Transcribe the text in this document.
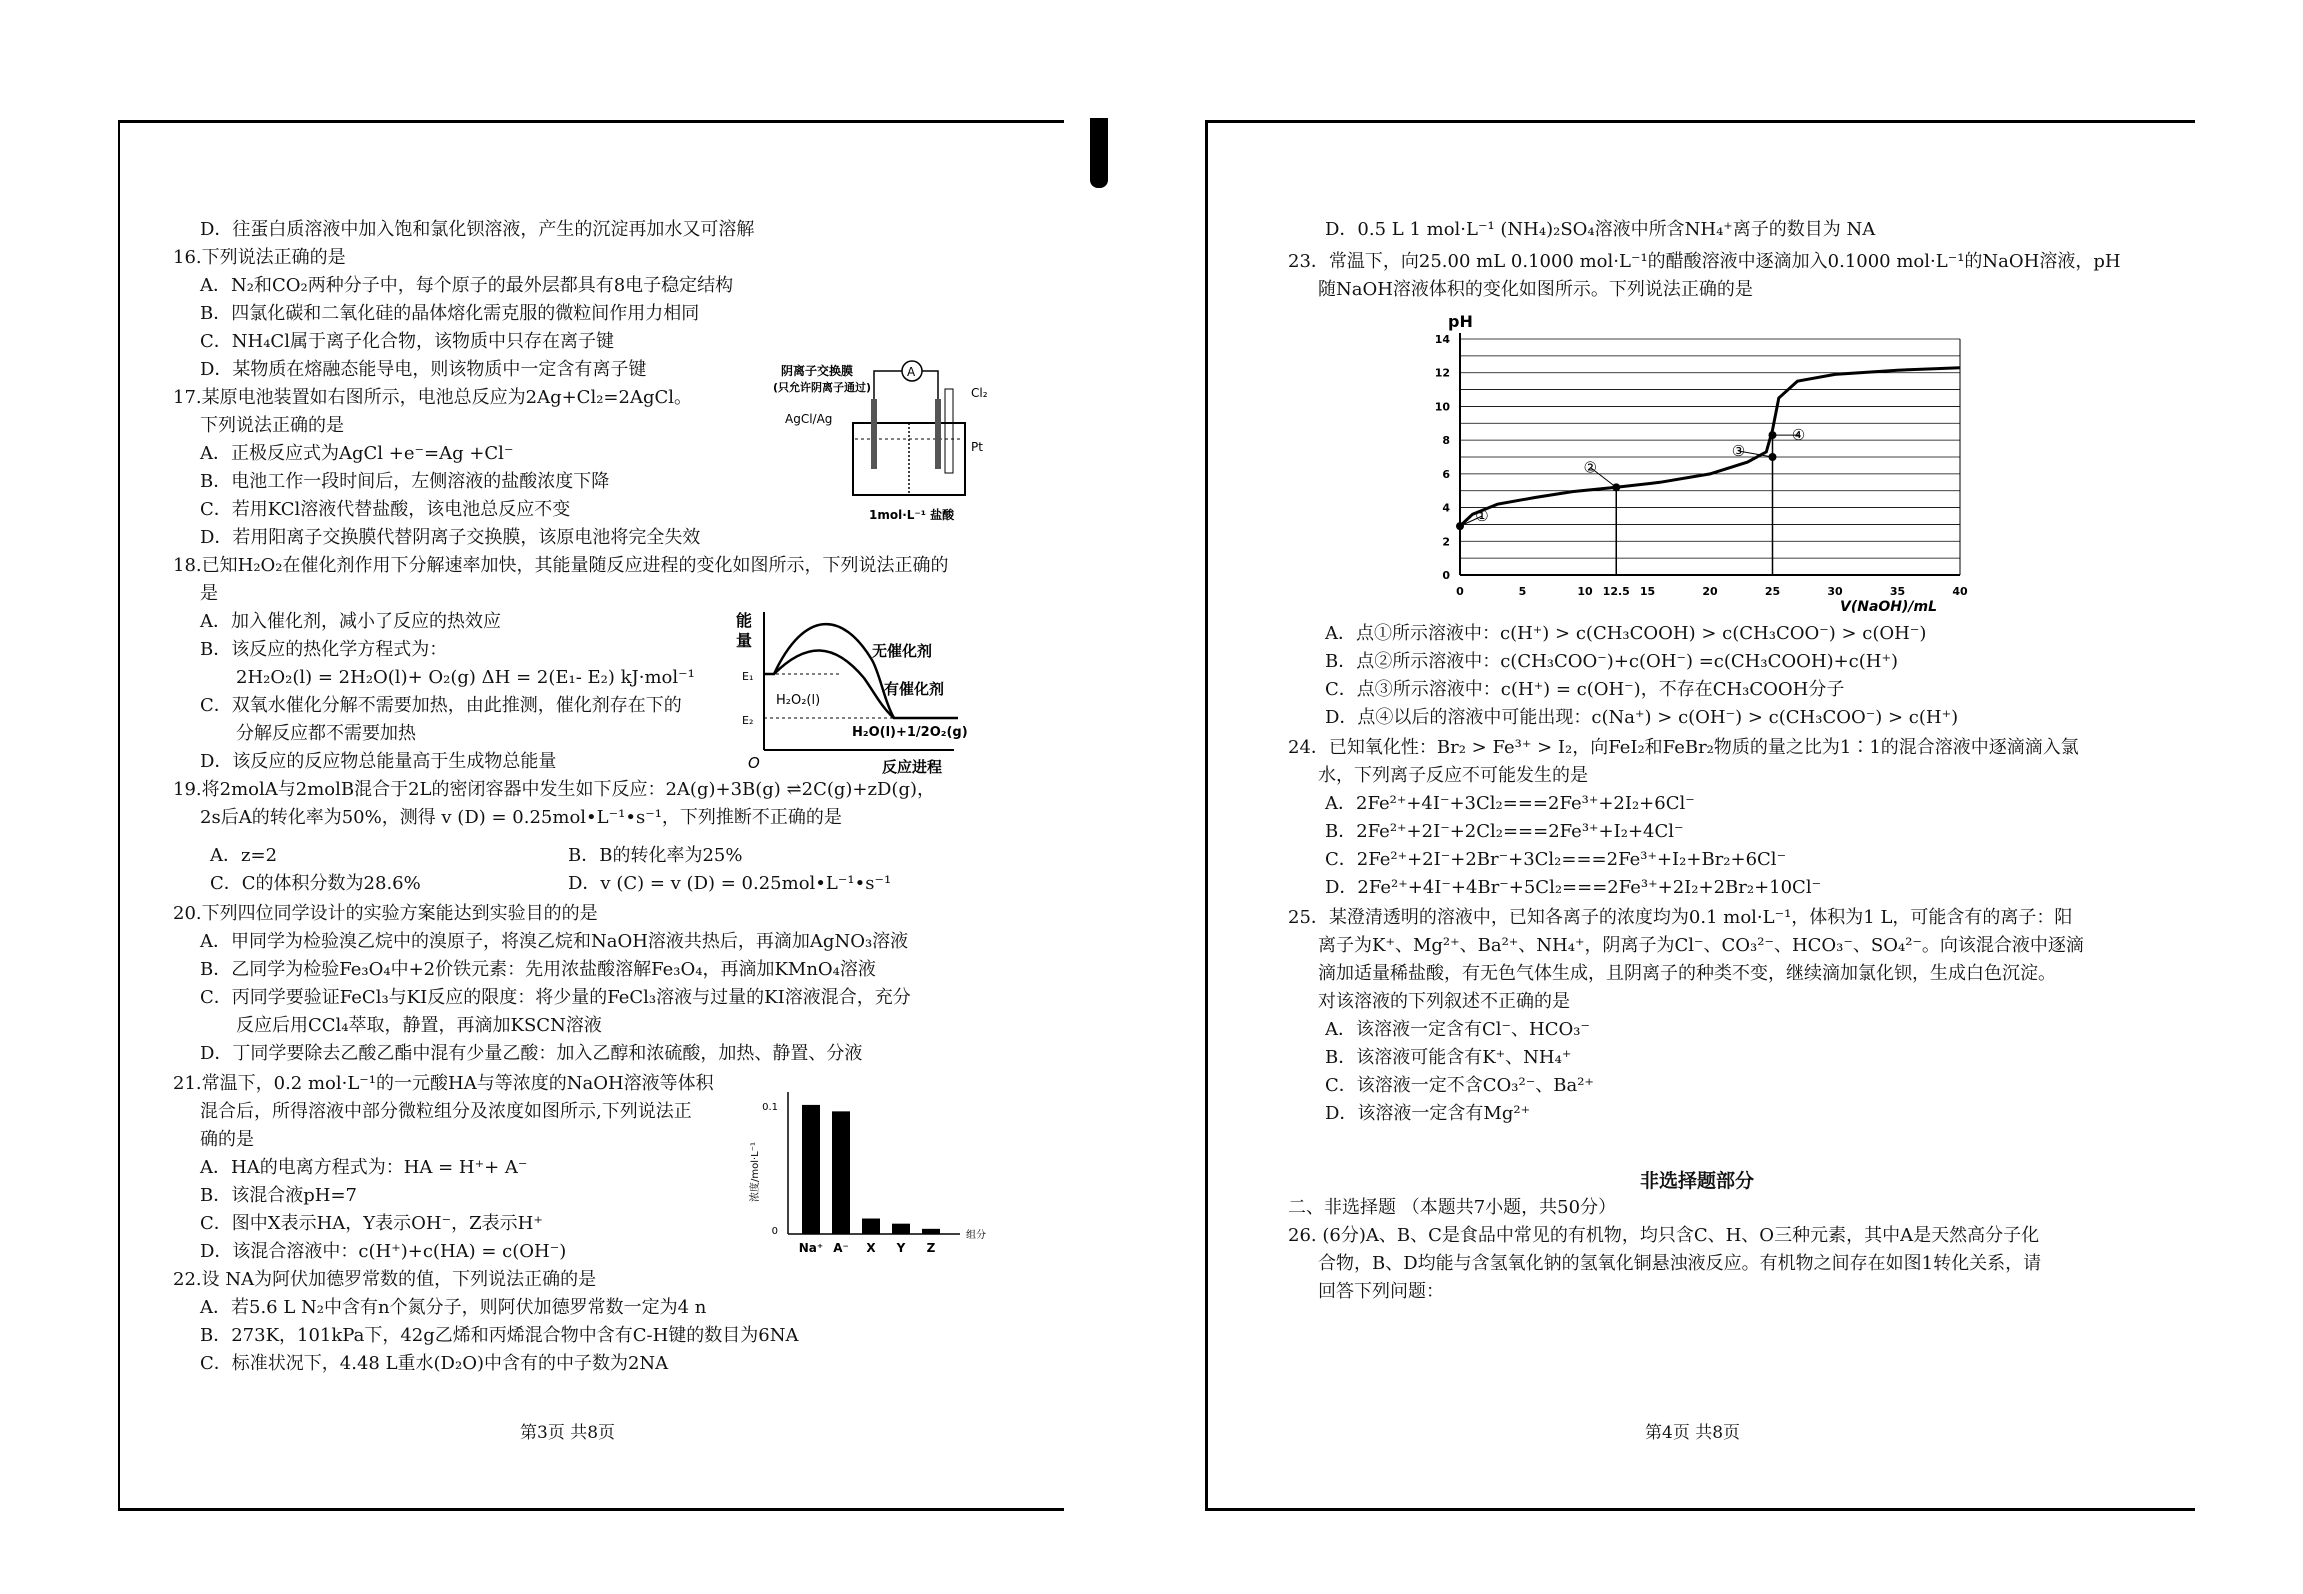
D．往蛋白质溶液中加入饱和氯化钡溶液，产生的沉淀再加水又可溶解
16.下列说法正确的是
A．N₂和CO₂两种分子中，每个原子的最外层都具有8电子稳定结构
B．四氯化碳和二氧化硅的晶体熔化需克服的微粒间作用力相同
C．NH₄Cl属于离子化合物，该物质中只存在离子键
D．某物质在熔融态能导电，则该物质中一定含有离子键
17.某原电池装置如右图所示，电池总反应为2Ag+Cl₂=2AgCl。
下列说法正确的是
A．正极反应式为AgCl +e⁻=Ag +Cl⁻
B．电池工作一段时间后，左侧溶液的盐酸浓度下降
C．若用KCl溶液代替盐酸，该电池总反应不变
D．若用阳离子交换膜代替阴离子交换膜，该原电池将完全失效
18.已知H₂O₂在催化剂作用下分解速率加快，其能量随反应进程的变化如图所示，下列说法正确的
是
A．加入催化剂，减小了反应的热效应
B．该反应的热化学方程式为：
2H₂O₂(l) = 2H₂O(l)+ O₂(g) ΔH = 2(E₁- E₂) kJ·mol⁻¹
C．双氧水催化分解不需要加热，由此推测，催化剂存在下的
分解反应都不需要加热
D．该反应的反应物总能量高于生成物总能量
19.将2molA与2molB混合于2L的密闭容器中发生如下反应：2A(g)+3B(g) ⇌2C(g)+zD(g)，
2s后A的转化率为50%，测得 v (D) = 0.25mol•L⁻¹•s⁻¹，下列推断不正确的是
A．z=2	B．B的转化率为25%
C．C的体积分数为28.6%	D．v (C) = v (D) = 0.25mol•L⁻¹•s⁻¹
20.下列四位同学设计的实验方案能达到实验目的的是
A．甲同学为检验溴乙烷中的溴原子，将溴乙烷和NaOH溶液共热后，再滴加AgNO₃溶液
B．乙同学为检验Fe₃O₄中+2价铁元素：先用浓盐酸溶解Fe₃O₄，再滴加KMnO₄溶液
C．丙同学要验证FeCl₃与KI反应的限度：将少量的FeCl₃溶液与过量的KI溶液混合，充分
反应后用CCl₄萃取，静置，再滴加KSCN溶液
D．丁同学要除去乙酸乙酯中混有少量乙酸：加入乙醇和浓硫酸，加热、静置、分液
21.常温下，0.2 mol·L⁻¹的一元酸HA与等浓度的NaOH溶液等体积
混合后，所得溶液中部分微粒组分及浓度如图所示,下列说法正
确的是
A．HA的电离方程式为：HA = H⁺+ A⁻
B．该混合液pH=7
C．图中X表示HA，Y表示OH⁻，Z表示H⁺
D．该混合溶液中：c(H⁺)+c(HA) = c(OH⁻)
22.设 NA为阿伏加德罗常数的值，下列说法正确的是
A．若5.6 L N₂中含有n个氮分子，则阿伏加德罗常数一定为4 n
B．273K，101kPa下，42g乙烯和丙烯混合物中含有C-H键的数目为6NA
C．标准状况下，4.48 L重水(D₂O)中含有的中子数为2NA
第3页 共8页
A
阴离子交换膜
(只允许阴离子通过)	Cl₂
AgCl/Ag
Pt
1mol·L⁻¹ 盐酸
能
量
无催化剂
有催化剂
E₁
E₂
H₂O₂(l)
H₂O(l)+1/2O₂(g)
O	反应进程
0
0.1
浓度/mol·L⁻¹
组分
Na⁺ A⁻ X Y Z
D．0.5 L 1 mol·L⁻¹ (NH₄)₂SO₄溶液中所含NH₄⁺离子的数目为 NA
23．常温下，向25.00 mL 0.1000 mol·L⁻¹的醋酸溶液中逐滴加入0.1000 mol·L⁻¹的NaOH溶液，pH
随NaOH溶液体积的变化如图所示。下列说法正确的是
A．点①所示溶液中：c(H⁺) > c(CH₃COOH) > c(CH₃COO⁻) > c(OH⁻)
B．点②所示溶液中：c(CH₃COO⁻)+c(OH⁻) =c(CH₃COOH)+c(H⁺)
C．点③所示溶液中：c(H⁺) = c(OH⁻)，不存在CH₃COOH分子
D．点④以后的溶液中可能出现：c(Na⁺) > c(OH⁻) > c(CH₃COO⁻) > c(H⁺)
24．已知氧化性：Br₂ > Fe³⁺ > I₂，向FeI₂和FeBr₂物质的量之比为1∶1的混合溶液中逐滴滴入氯
水，下列离子反应不可能发生的是
A．2Fe²⁺+4I⁻+3Cl₂===2Fe³⁺+2I₂+6Cl⁻
B．2Fe²⁺+2I⁻+2Cl₂===2Fe³⁺+I₂+4Cl⁻
C．2Fe²⁺+2I⁻+2Br⁻+3Cl₂===2Fe³⁺+I₂+Br₂+6Cl⁻
D．2Fe²⁺+4I⁻+4Br⁻+5Cl₂===2Fe³⁺+2I₂+2Br₂+10Cl⁻
25．某澄清透明的溶液中，已知各离子的浓度均为0.1 mol·L⁻¹，体积为1 L，可能含有的离子：阳
离子为K⁺、Mg²⁺、Ba²⁺、NH₄⁺，阴离子为Cl⁻、CO₃²⁻、HCO₃⁻、SO₄²⁻。向该混合液中逐滴
滴加适量稀盐酸，有无色气体生成，且阴离子的种类不变，继续滴加氯化钡，生成白色沉淀。
对该溶液的下列叙述不正确的是
A．该溶液一定含有Cl⁻、HCO₃⁻
B．该溶液可能含有K⁺、NH₄⁺
C．该溶液一定不含CO₃²⁻、Ba²⁺
D．该溶液一定含有Mg²⁺
非选择题部分
二、非选择题 （本题共7小题，共50分）
26. (6分)A、B、C是食品中常见的有机物，均只含C、H、O三种元素，其中A是天然高分子化
合物，B、D均能与含氢氧化钠的氢氧化铜悬浊液反应。有机物之间存在如图1转化关系，请
回答下列问题：
第4页 共8页
pH
V(NaOH)/mL
0
2
4
6
8
10
12
14
0	5	10 12.5 15	20	25	30	35	40
①
②
③
④
